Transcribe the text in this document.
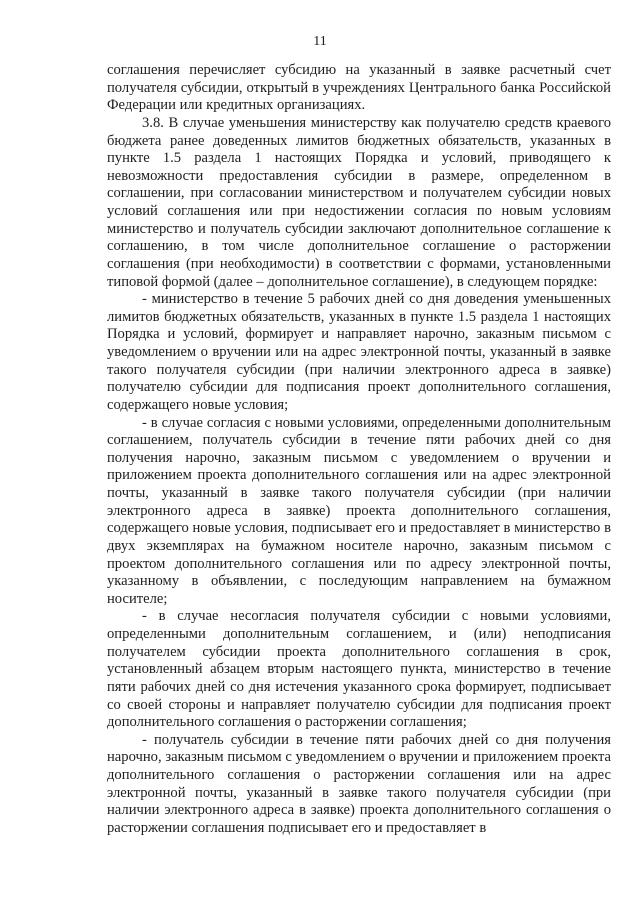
11

соглашения перечисляет субсидию на указанный в заявке расчетный счет получателя субсидии, открытый в учреждениях Центрального банка Российской Федерации или кредитных организациях.

3.8. В случае уменьшения министерству как получателю средств краевого бюджета ранее доведенных лимитов бюджетных обязательств, указанных в пункте 1.5 раздела 1 настоящих Порядка и условий, приводящего к невозможности предоставления субсидии в размере, определенном в соглашении, при согласовании министерством и получателем субсидии новых условий соглашения или при недостижении согласия по новым условиям министерство и получатель субсидии заключают дополнительное соглашение к соглашению, в том числе дополнительное соглашение о расторжении соглашения (при необходимости) в соответствии с формами, установленными типовой формой (далее – дополнительное соглашение), в следующем порядке:

- министерство в течение 5 рабочих дней со дня доведения уменьшенных лимитов бюджетных обязательств, указанных в пункте 1.5 раздела 1 настоящих Порядка и условий, формирует и направляет нарочно, заказным письмом с уведомлением о вручении или на адрес электронной почты, указанный в заявке такого получателя субсидии (при наличии электронного адреса в заявке) получателю субсидии для подписания проект дополнительного соглашения, содержащего новые условия;

- в случае согласия с новыми условиями, определенными дополнительным соглашением, получатель субсидии в течение пяти рабочих дней со дня получения нарочно, заказным письмом с уведомлением о вручении и приложением проекта дополнительного соглашения или на адрес электронной почты, указанный в заявке такого получателя субсидии (при наличии электронного адреса в заявке) проекта дополнительного соглашения, содержащего новые условия, подписывает его и предоставляет в министерство в двух экземплярах на бумажном носителе нарочно, заказным письмом с проектом дополнительного соглашения или по адресу электронной почты, указанному в объявлении, с последующим направлением на бумажном носителе;

- в случае несогласия получателя субсидии с новыми условиями, определенными дополнительным соглашением, и (или) неподписания получателем субсидии проекта дополнительного соглашения в срок, установленный абзацем вторым настоящего пункта, министерство в течение пяти рабочих дней со дня истечения указанного срока формирует, подписывает со своей стороны и направляет получателю субсидии для подписания проект дополнительного соглашения о расторжении соглашения;

- получатель субсидии в течение пяти рабочих дней со дня получения нарочно, заказным письмом с уведомлением о вручении и приложением проекта дополнительного соглашения о расторжении соглашения или на адрес электронной почты, указанный в заявке такого получателя субсидии (при наличии электронного адреса в заявке) проекта дополнительного соглашения о расторжении соглашения подписывает его и предоставляет в
